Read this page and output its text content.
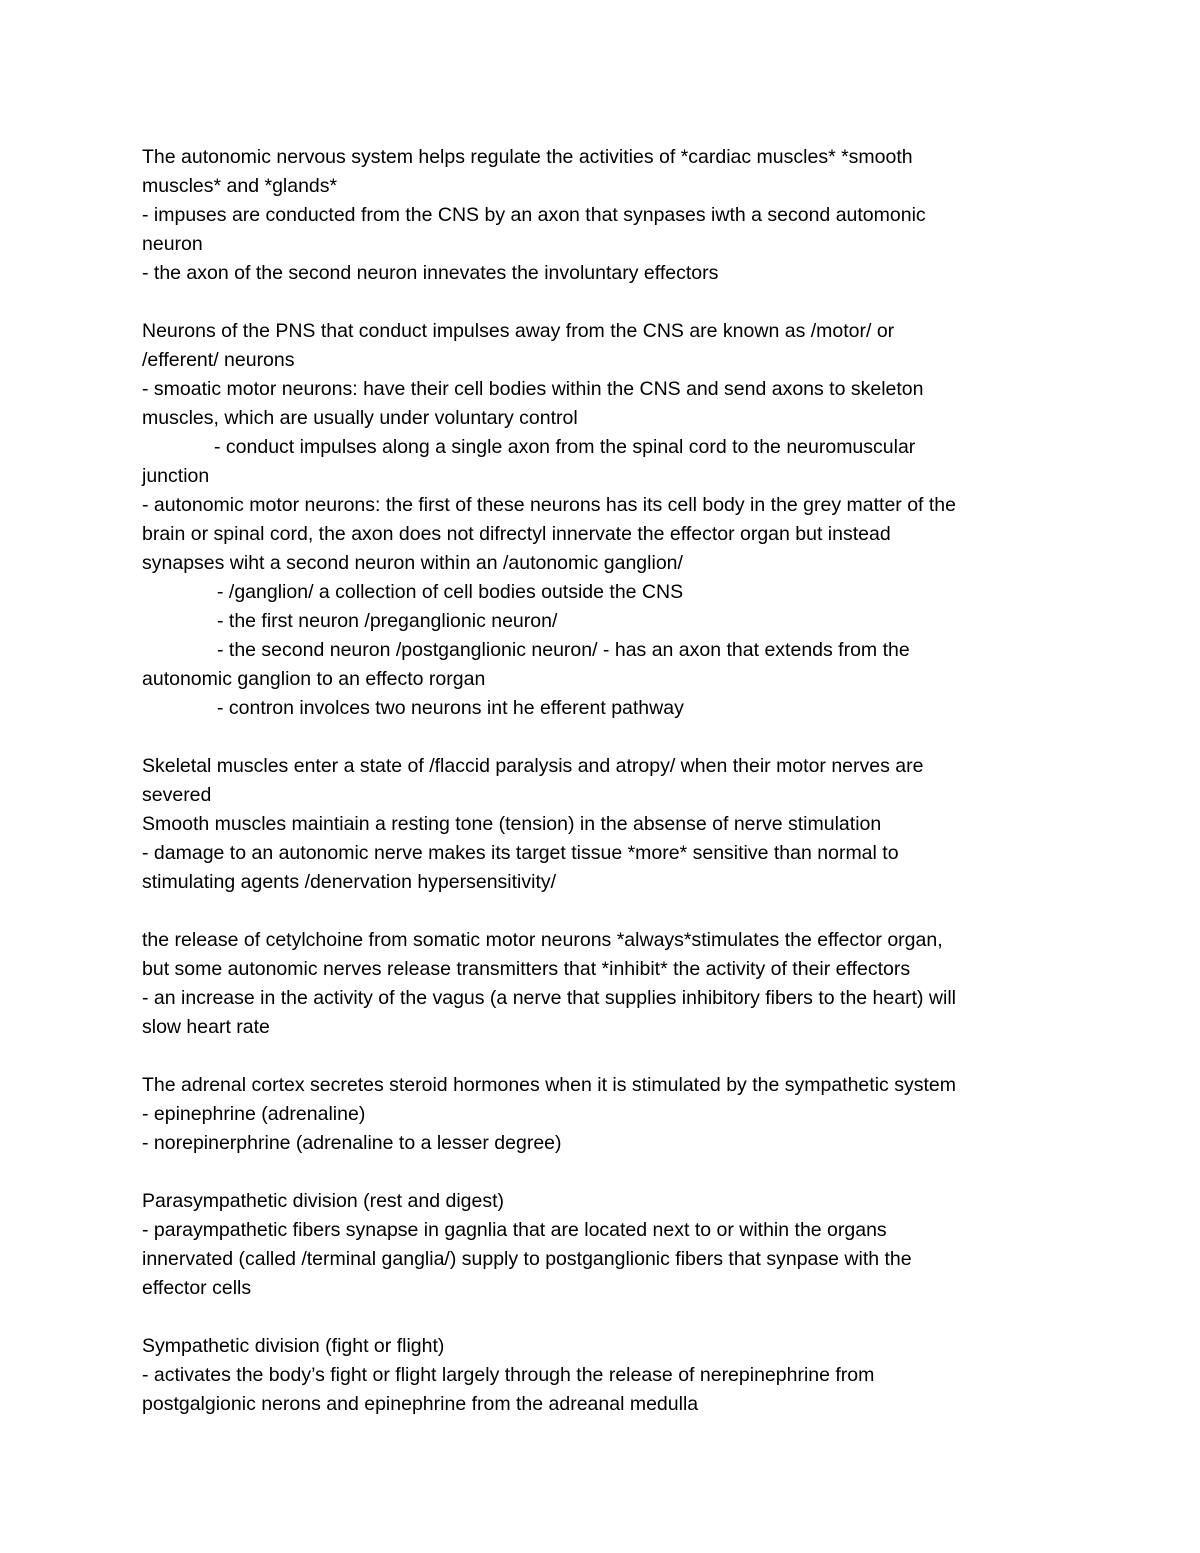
The autonomic nervous system helps regulate the activities of *cardiac muscles* *smooth
muscles* and *glands*
- impuses are conducted from the CNS by an axon that synpases iwth a second automonic
neuron
- the axon of the second neuron innevates the involuntary effectors
Neurons of the PNS that conduct impulses away from the CNS are known as /motor/ or
/efferent/ neurons
- smoatic motor neurons: have their cell bodies within the CNS and send axons to skeleton
muscles, which are usually under voluntary control
- conduct impulses along a single axon from the spinal cord to the neuromuscular
junction
- autonomic motor neurons: the first of these neurons has its cell body in the grey matter of the
brain or spinal cord, the axon does not difrectyl innervate the effector organ but instead
synapses wiht a second neuron within an /autonomic ganglion/
- /ganglion/ a collection of cell bodies outside the CNS
- the first neuron /preganglionic neuron/
- the second neuron /postganglionic neuron/ - has an axon that extends from the
autonomic ganglion to an effecto rorgan
- contron involces two neurons int he efferent pathway
Skeletal muscles enter a state of /flaccid paralysis and atropy/ when their motor nerves are
severed
Smooth muscles maintiain a resting tone (tension) in the absense of nerve stimulation
- damage to an autonomic nerve makes its target tissue *more* sensitive than normal to
stimulating agents /denervation hypersensitivity/
the release of cetylchoine from somatic motor neurons *always*stimulates the effector organ,
but some autonomic nerves release transmitters that *inhibit* the activity of their effectors
- an increase in the activity of the vagus (a nerve that supplies inhibitory fibers to the heart) will
slow heart rate
The adrenal cortex secretes steroid hormones when it is stimulated by the sympathetic system
- epinephrine (adrenaline)
- norepinerphrine (adrenaline to a lesser degree)
Parasympathetic division (rest and digest)
- paraympathetic fibers synapse in gagnlia that are located next to or within the organs
innervated (called /terminal ganglia/) supply to postganglionic fibers that synpase with the
effector cells
Sympathetic division (fight or flight)
- activates the body’s fight or flight largely through the release of nerepinephrine from
postgalgionic nerons and epinephrine from the adreanal medulla
